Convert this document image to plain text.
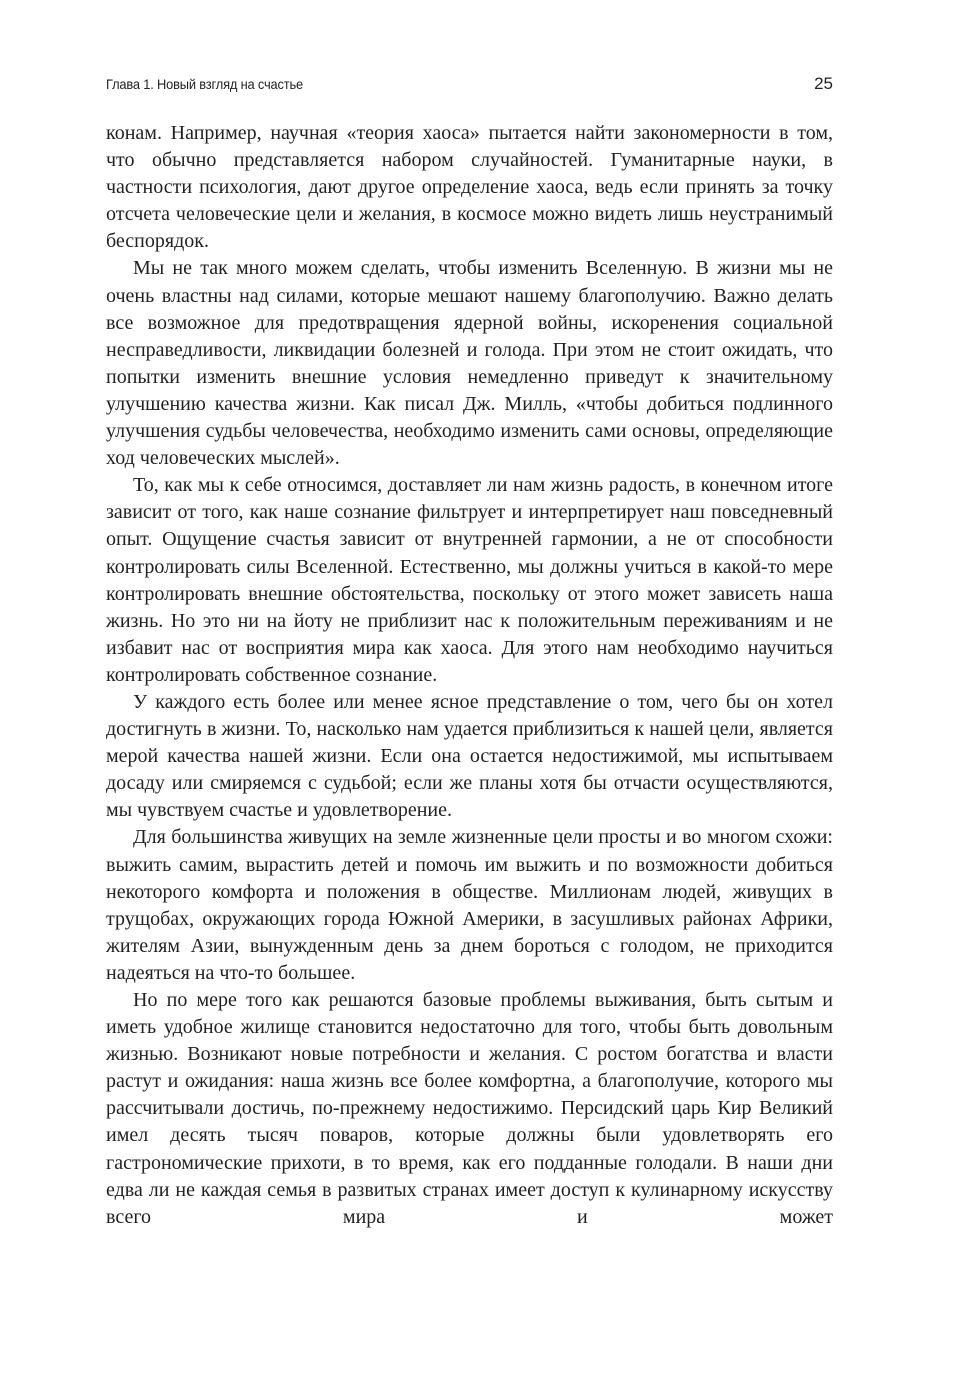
Глава 1. Новый взгляд на счастье	25

конам. Например, научная «теория хаоса» пытается найти закономерности в том, что обычно представляется набором случайностей. Гуманитарные науки, в частности психология, дают другое определение хаоса, ведь если принять за точку отсчета человеческие цели и желания, в космосе можно видеть лишь неустранимый беспорядок.

Мы не так много можем сделать, чтобы изменить Вселенную. В жизни мы не очень властны над силами, которые мешают нашему благополучию. Важно делать все возможное для предотвращения ядерной войны, искоренения социальной несправедливости, ликвидации болезней и голода. При этом не стоит ожидать, что попытки изменить внешние условия немедленно приведут к значительному улучшению качества жизни. Как писал Дж. Милль, «чтобы добиться подлинного улучшения судьбы человечества, необходимо изменить сами основы, определяющие ход человеческих мыслей».

То, как мы к себе относимся, доставляет ли нам жизнь радость, в конечном итоге зависит от того, как наше сознание фильтрует и интерпретирует наш повседневный опыт. Ощущение счастья зависит от внутренней гармонии, а не от способности контролировать силы Вселенной. Естественно, мы должны учиться в какой-то мере контролировать внешние обстоятельства, поскольку от этого может зависеть наша жизнь. Но это ни на йоту не приблизит нас к положительным переживаниям и не избавит нас от восприятия мира как хаоса. Для этого нам необходимо научиться контролировать собственное сознание.

У каждого есть более или менее ясное представление о том, чего бы он хотел достигнуть в жизни. То, насколько нам удается приблизиться к нашей цели, является мерой качества нашей жизни. Если она остается недостижимой, мы испытываем досаду или смиряемся с судьбой; если же планы хотя бы отчасти осуществляются, мы чувствуем счастье и удовлетворение.

Для большинства живущих на земле жизненные цели просты и во многом схожи: выжить самим, вырастить детей и помочь им выжить и по возможности добиться некоторого комфорта и положения в обществе. Миллионам людей, живущих в трущобах, окружающих города Южной Америки, в засушливых районах Африки, жителям Азии, вынужденным день за днем бороться с голодом, не приходится надеяться на что-то большее.

Но по мере того как решаются базовые проблемы выживания, быть сытым и иметь удобное жилище становится недостаточно для того, чтобы быть довольным жизнью. Возникают новые потребности и желания. С ростом богатства и власти растут и ожидания: наша жизнь все более комфортна, а благополучие, которого мы рассчитывали достичь, по-прежнему недостижимо. Персидский царь Кир Великий имел десять тысяч поваров, которые должны были удовлетворять его гастрономические прихоти, в то время, как его подданные голодали. В наши дни едва ли не каждая семья в развитых странах имеет доступ к кулинарному искусству всего мира и может
